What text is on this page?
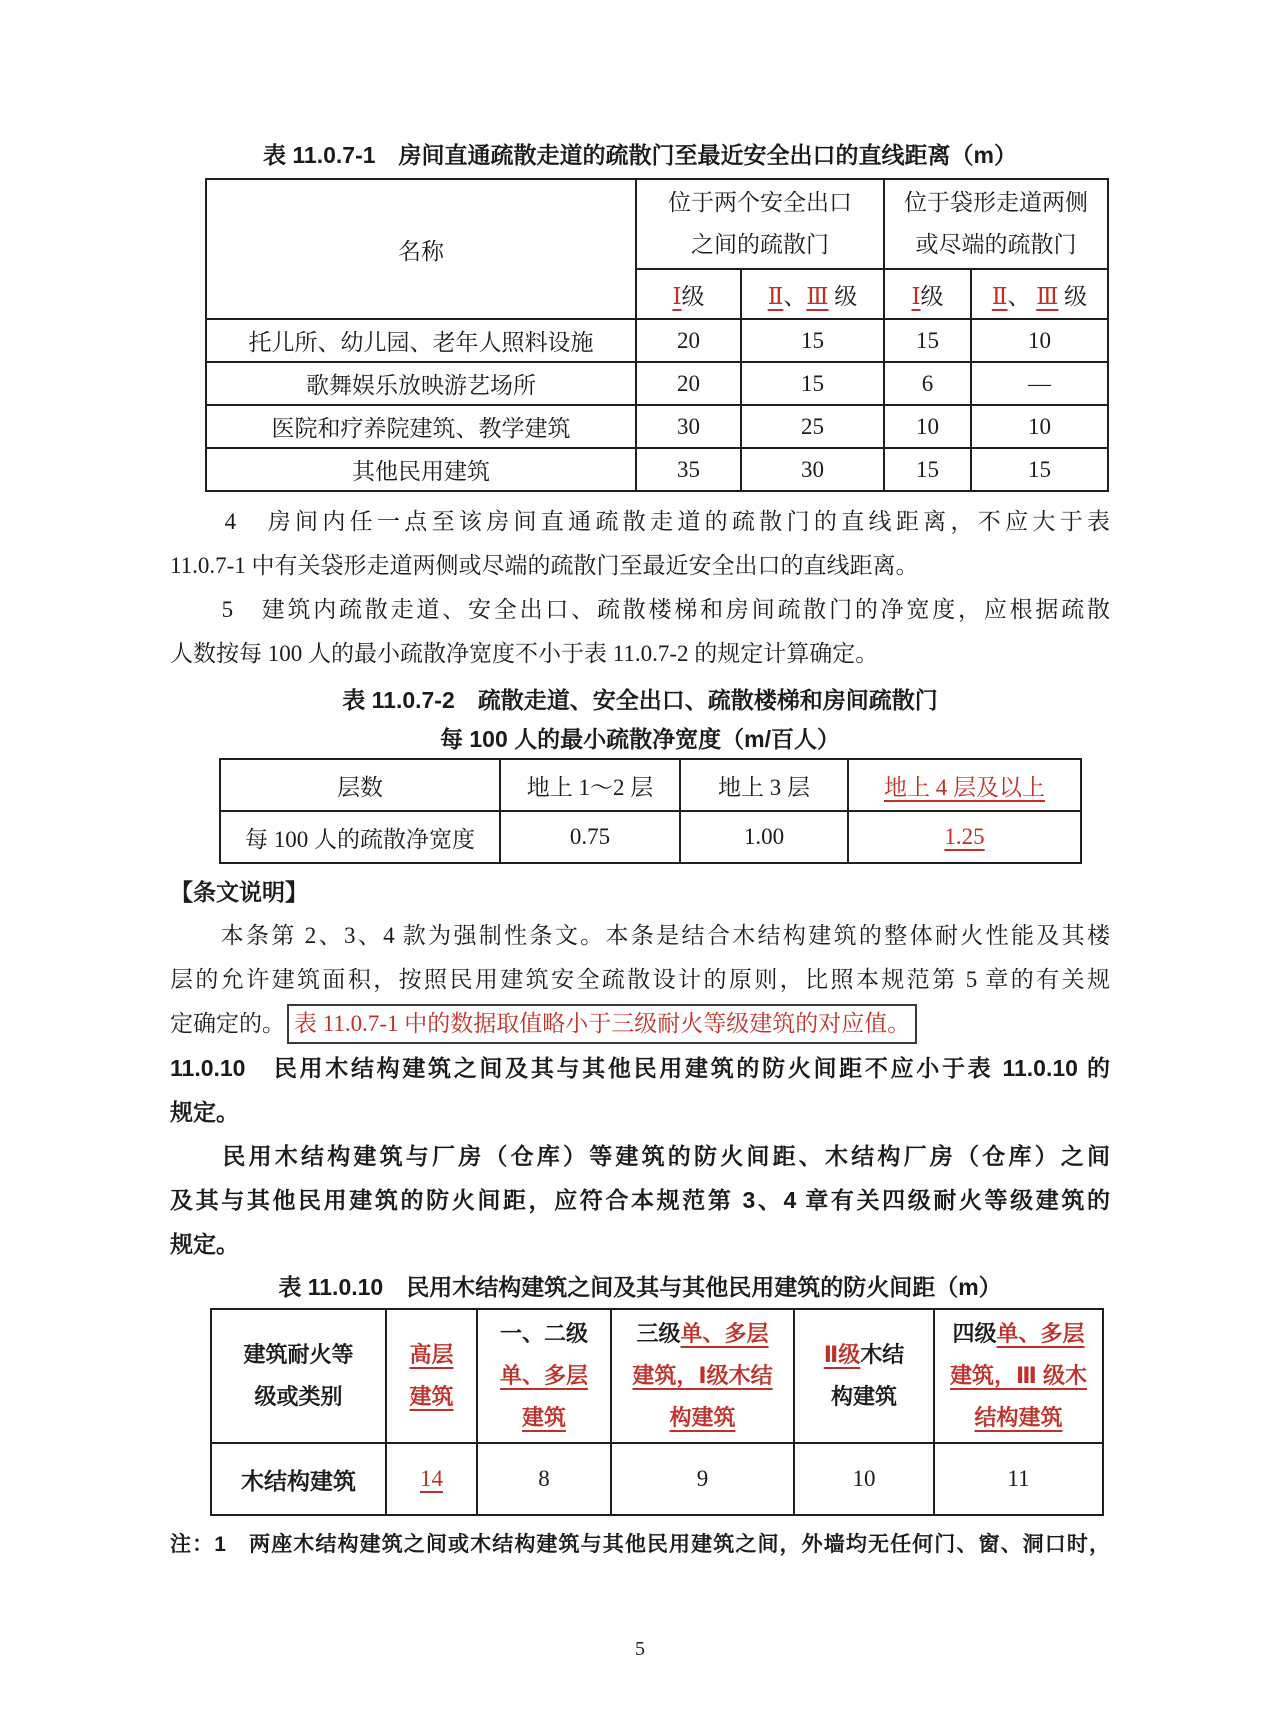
表 11.0.7-1　房间直通疏散走道的疏散门至最近安全出口的直线距离（m）
名称	
位于两个安全出口
之间的疏散门

位于袋形走道两侧
或尽端的疏散门

	Ⅰ级	Ⅱ、Ⅲ 级	Ⅰ级	Ⅱ、 Ⅲ 级
托儿所、幼儿园、老年人照料设施	20	15	15	10
歌舞娱乐放映游艺场所	20	15	6	—
医院和疗养院建筑、教学建筑	30	25	10	10
其他民用建筑	35	30	15	15
　　4　房间内任一点至该房间直通疏散走道的疏散门的直线距离，不应大于表
11.0.7-1 中有关袋形走道两侧或尽端的疏散门至最近安全出口的直线距离。
　　5　建筑内疏散走道、安全出口、疏散楼梯和房间疏散门的净宽度，应根据疏散
人数按每 100 人的最小疏散净宽度不小于表 11.0.7-2 的规定计算确定。
表 11.0.7-2　疏散走道、安全出口、疏散楼梯和房间疏散门
每 100 人的最小疏散净宽度（m/百人）
层数	地上 1～2 层	地上 3 层	地上 4 层及以上
每 100 人的疏散净宽度	0.75	1.00	1.25
【条文说明】
　　本条第 2、3、4 款为强制性条文。本条是结合木结构建筑的整体耐火性能及其楼
层的允许建筑面积，按照民用建筑安全疏散设计的原则，比照本规范第 5 章的有关规
定确定的。 表 11.0.7-1 中的数据取值略小于三级耐火等级建筑的对应值。
11.0.10　民用木结构建筑之间及其与其他民用建筑的防火间距不应小于表 11.0.10 的
规定。
　　民用木结构建筑与厂房（仓库）等建筑的防火间距、木结构厂房（仓库）之间
及其与其他民用建筑的防火间距，应符合本规范第 3、4 章有关四级耐火等级建筑的
规定。
表 11.0.10　民用木结构建筑之间及其与其他民用建筑的防火间距（m）
建筑耐火等
级或类别

高层
建筑

一、二级
单、多层
建筑

三级单、多层
建筑，Ⅰ级木结
构建筑

Ⅱ级木结
构建筑

四级单、多层
建筑，Ⅲ 级木
结构建筑

木结构建筑	14	8	9	10	11
注：1　两座木结构建筑之间或木结构建筑与其他民用建筑之间，外墙均无任何门、窗、洞口时，
5
